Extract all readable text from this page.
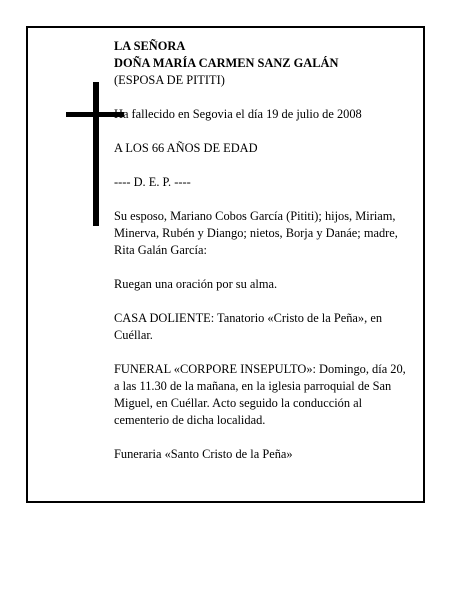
LA SEÑORA

DOÑA MARÍA CARMEN SANZ GALÁN

(ESPOSA DE PITITI)

Ha fallecido en Segovia el día 19 de julio de 2008

A LOS 66 AÑOS DE EDAD

---- D. E. P. ----

Su esposo, Mariano Cobos García (Pititi); hijos, Miriam, Minerva, Rubén y Diango; nietos, Borja y Danáe; madre, Rita Galán García:

Ruegan una oración por su alma.

CASA DOLIENTE: Tanatorio «Cristo de la Peña», en Cuéllar.

FUNERAL «CORPORE INSEPULTO»: Domingo, día 20, a las 11.30 de la mañana, en la iglesia parroquial de San Miguel, en Cuéllar. Acto seguido la conducción al cementerio de dicha localidad.

Funeraria «Santo Cristo de la Peña»
